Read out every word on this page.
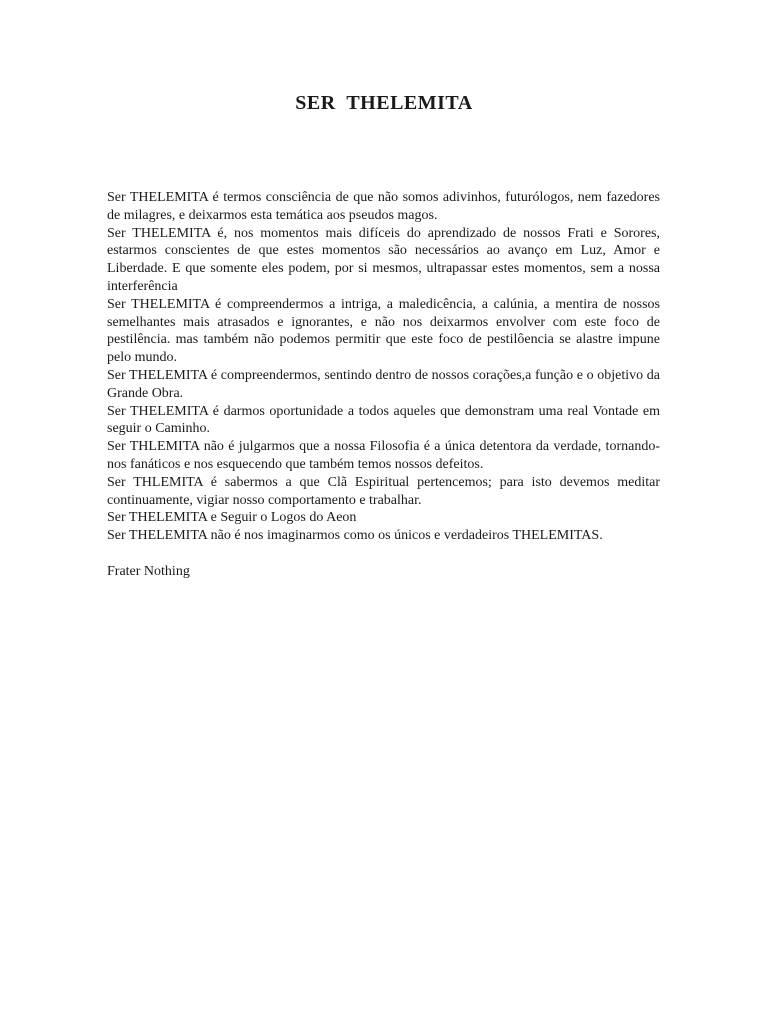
SER  THELEMITA

Ser THELEMITA é termos consciência de que não somos adivinhos, futurólogos, nem fazedores de milagres, e deixarmos esta temática aos pseudos magos.

Ser THELEMITA é, nos momentos mais difíceis do aprendizado de nossos Frati e Sorores, estarmos conscientes de que estes momentos são necessários ao avanço em Luz, Amor e Liberdade. E que somente eles podem, por si mesmos, ultrapassar estes momentos, sem a nossa interferência

Ser THELEMITA é compreendermos a intriga, a maledicência, a calúnia, a mentira de nossos semelhantes mais atrasados e ignorantes, e não nos deixarmos envolver com este foco de pestilência. mas também não podemos permitir que este foco de pestilôencia se alastre impune pelo mundo.

Ser THELEMITA é compreendermos, sentindo dentro de nossos corações,a função e o objetivo da Grande Obra.

Ser THELEMITA é darmos oportunidade a todos aqueles que demonstram uma real Vontade em seguir o Caminho.

Ser THLEMITA não é julgarmos que a nossa Filosofia é a única detentora da verdade, tornando-nos fanáticos e nos esquecendo que também temos nossos defeitos.

Ser THLEMITA é sabermos a que Clã Espiritual pertencemos; para isto devemos meditar continuamente, vigiar nosso comportamento e trabalhar.

Ser THELEMITA e Seguir o Logos do Aeon

Ser THELEMITA não é nos imaginarmos como os únicos e verdadeiros THELEMITAS.

Frater Nothing
